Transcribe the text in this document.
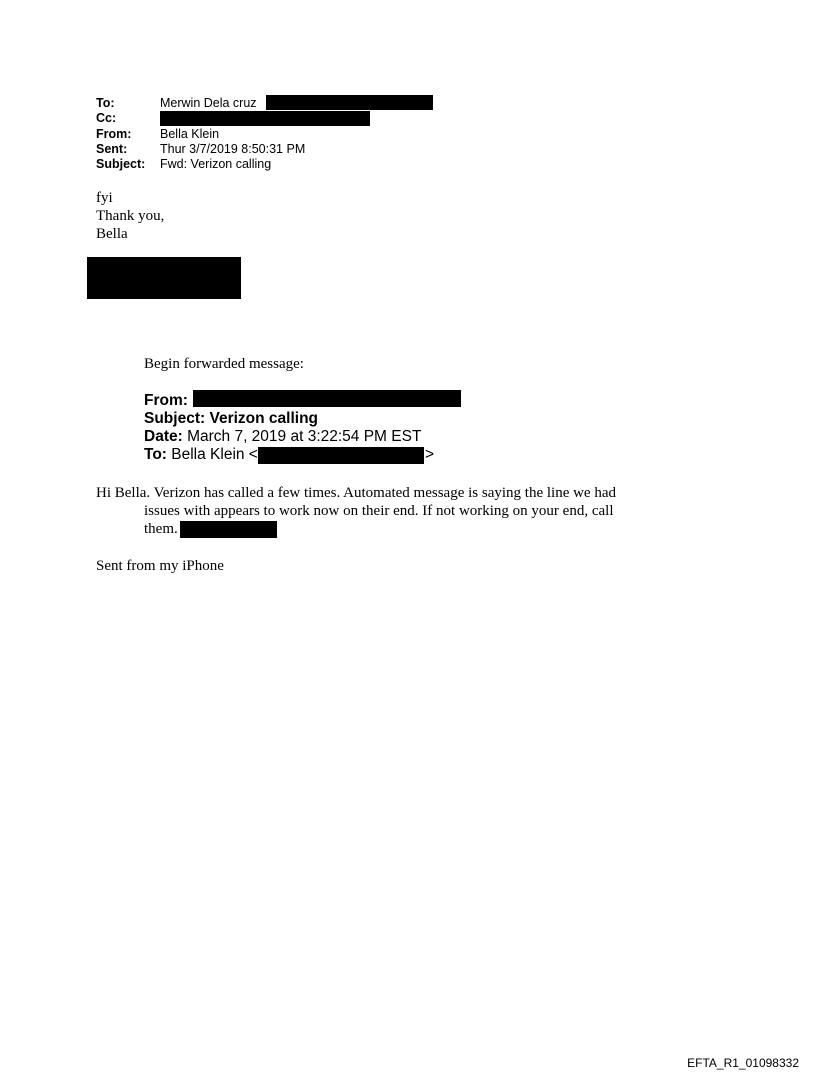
To:	Merwin Dela cruz
Cc:
From: Bella Klein
Sent:	Thur 3/7/2019 8:50:31 PM
Subject: Fwd: Verizon calling
fyi
Thank you,
Bella
Begin forwarded message:
From:
Subject: Verizon calling
Date: March 7, 2019 at 3:22:54 PM EST
To: Bella Klein <	>
Hi Bella. Verizon has called a few times. Automated message is saying the line we had
issues with appears to work now on their end. If not working on your end, call
them.
Sent from my iPhone
EFTA_R1_01098332
